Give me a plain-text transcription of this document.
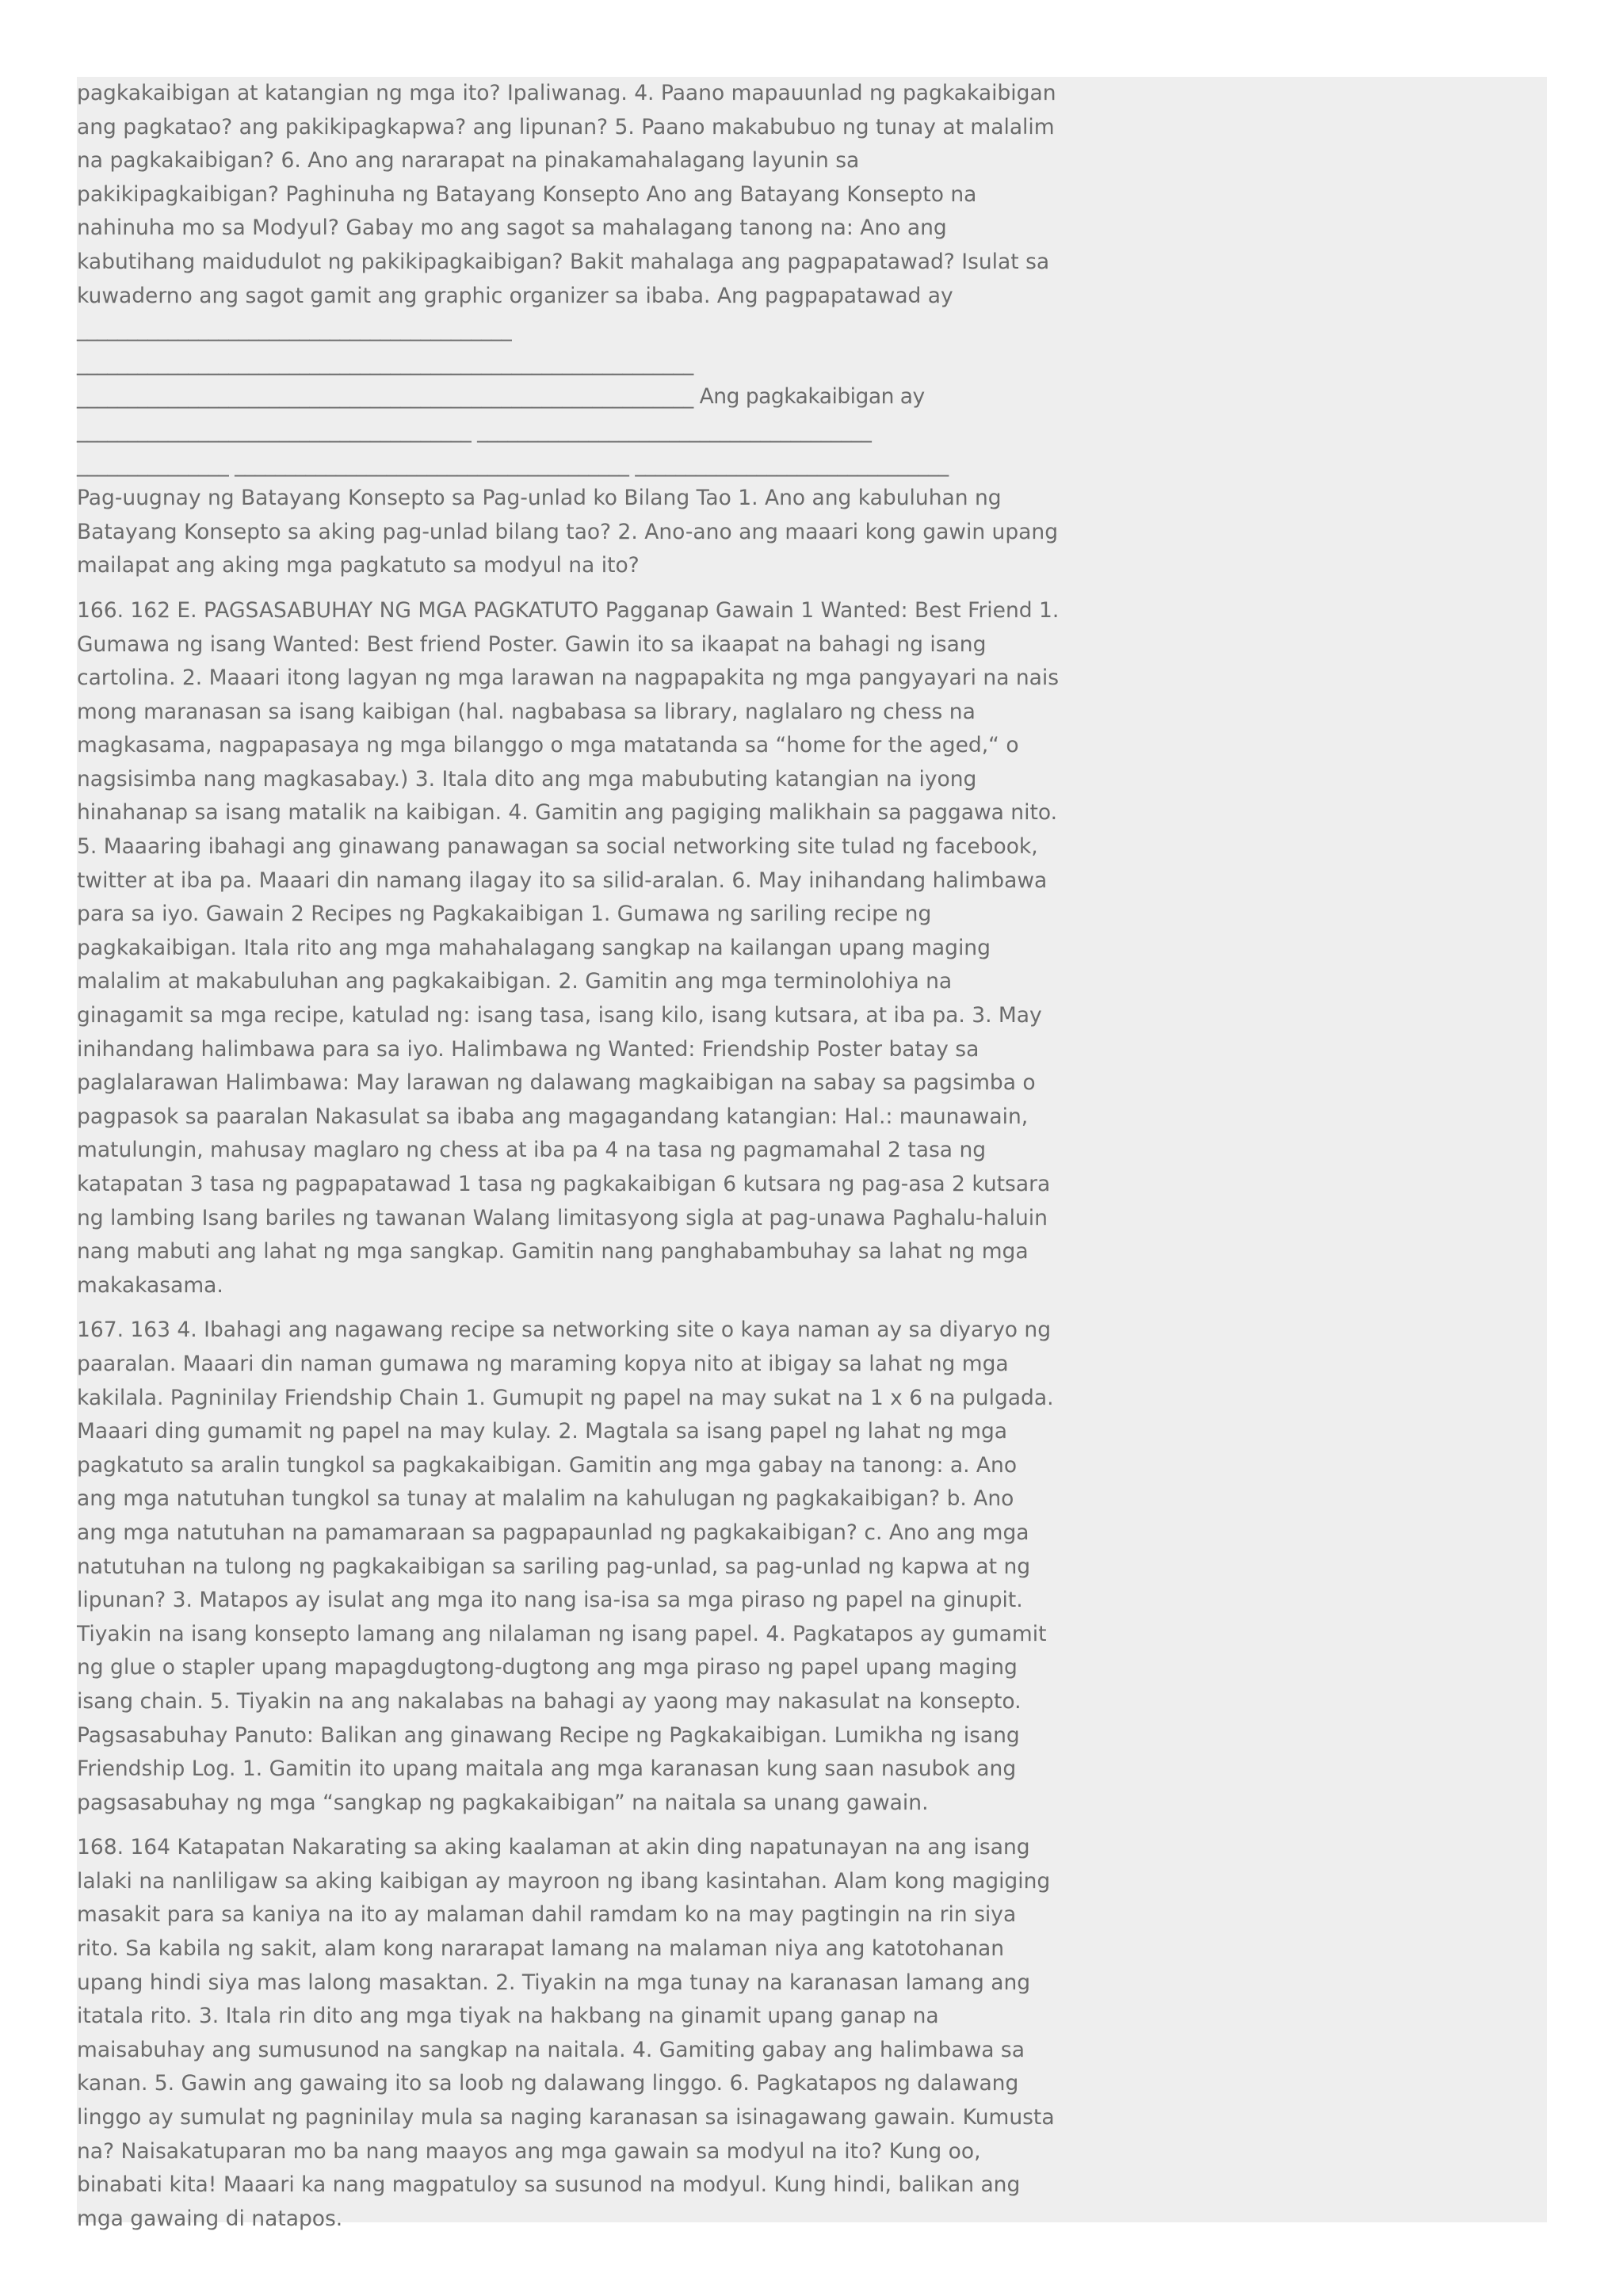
pagkakaibigan at katangian ng mga ito? Ipaliwanag. 4. Paano mapauunlad ng pagkakaibigan ang pagkatao? ang pakikipagkapwa? ang lipunan? 5. Paano makabubuo ng tunay at malalim na pagkakaibigan? 6. Ano ang nararapat na pinakamahalagang layunin sa pakikipagkaibigan? Paghinuha ng Batayang Konsepto Ano ang Batayang Konsepto na nahinuha mo sa Modyul? Gabay mo ang sagot sa mahalagang tanong na: Ano ang kabutihang maidudulot ng pakikipagkaibigan? Bakit mahalaga ang pagpapatawad? Isulat sa kuwaderno ang sagot gamit ang graphic organizer sa ibaba. Ang pagpapatawad ay
___________________________________________
_____________________________________________________________
_____________________________________________________________ Ang pagkakaibigan ay
_______________________________________ _______________________________________
_______________ _______________________________________ _______________________________
Pag-uugnay ng Batayang Konsepto sa Pag-unlad ko Bilang Tao 1. Ano ang kabuluhan ng Batayang Konsepto sa aking pag-unlad bilang tao? 2. Ano-ano ang maaari kong gawin upang mailapat ang aking mga pagkatuto sa modyul na ito?

166. 162 E. PAGSASABUHAY NG MGA PAGKATUTO Pagganap Gawain 1 Wanted: Best Friend 1. Gumawa ng isang Wanted: Best friend Poster. Gawin ito sa ikaapat na bahagi ng isang cartolina. 2. Maaari itong lagyan ng mga larawan na nagpapakita ng mga pangyayari na nais mong maranasan sa isang kaibigan (hal. nagbabasa sa library, naglalaro ng chess na magkasama, nagpapasaya ng mga bilanggo o mga matatanda sa “home for the aged,“ o nagsisimba nang magkasabay.) 3. Itala dito ang mga mabubuting katangian na iyong hinahanap sa isang matalik na kaibigan. 4. Gamitin ang pagiging malikhain sa paggawa nito. 5. Maaaring ibahagi ang ginawang panawagan sa social networking site tulad ng facebook, twitter at iba pa. Maaari din namang ilagay ito sa silid-aralan. 6. May inihandang halimbawa para sa iyo. Gawain 2 Recipes ng Pagkakaibigan 1. Gumawa ng sariling recipe ng pagkakaibigan. Itala rito ang mga mahahalagang sangkap na kailangan upang maging malalim at makabuluhan ang pagkakaibigan. 2. Gamitin ang mga terminolohiya na ginagamit sa mga recipe, katulad ng: isang tasa, isang kilo, isang kutsara, at iba pa. 3. May inihandang halimbawa para sa iyo. Halimbawa ng Wanted: Friendship Poster batay sa paglalarawan Halimbawa: May larawan ng dalawang magkaibigan na sabay sa pagsimba o pagpasok sa paaralan Nakasulat sa ibaba ang magagandang katangian: Hal.: maunawain, matulungin, mahusay maglaro ng chess at iba pa 4 na tasa ng pagmamahal 2 tasa ng katapatan 3 tasa ng pagpapatawad 1 tasa ng pagkakaibigan 6 kutsara ng pag-asa 2 kutsara ng lambing Isang bariles ng tawanan Walang limitasyong sigla at pag-unawa Paghalu-haluin nang mabuti ang lahat ng mga sangkap. Gamitin nang panghabambuhay sa lahat ng mga makakasama.

167. 163 4. Ibahagi ang nagawang recipe sa networking site o kaya naman ay sa diyaryo ng paaralan. Maaari din naman gumawa ng maraming kopya nito at ibigay sa lahat ng mga kakilala. Pagninilay Friendship Chain 1. Gumupit ng papel na may sukat na 1 x 6 na pulgada. Maaari ding gumamit ng papel na may kulay. 2. Magtala sa isang papel ng lahat ng mga pagkatuto sa aralin tungkol sa pagkakaibigan. Gamitin ang mga gabay na tanong: a. Ano ang mga natutuhan tungkol sa tunay at malalim na kahulugan ng pagkakaibigan? b. Ano ang mga natutuhan na pamamaraan sa pagpapaunlad ng pagkakaibigan? c. Ano ang mga natutuhan na tulong ng pagkakaibigan sa sariling pag-unlad, sa pag-unlad ng kapwa at ng lipunan? 3. Matapos ay isulat ang mga ito nang isa-isa sa mga piraso ng papel na ginupit. Tiyakin na isang konsepto lamang ang nilalaman ng isang papel. 4. Pagkatapos ay gumamit ng glue o stapler upang mapagdugtong-dugtong ang mga piraso ng papel upang maging isang chain. 5. Tiyakin na ang nakalabas na bahagi ay yaong may nakasulat na konsepto. Pagsasabuhay Panuto: Balikan ang ginawang Recipe ng Pagkakaibigan. Lumikha ng isang Friendship Log. 1. Gamitin ito upang maitala ang mga karanasan kung saan nasubok ang pagsasabuhay ng mga “sangkap ng pagkakaibigan” na naitala sa unang gawain.

168. 164 Katapatan Nakarating sa aking kaalaman at akin ding napatunayan na ang isang lalaki na nanliligaw sa aking kaibigan ay mayroon ng ibang kasintahan. Alam kong magiging masakit para sa kaniya na ito ay malaman dahil ramdam ko na may pagtingin na rin siya rito. Sa kabila ng sakit, alam kong nararapat lamang na malaman niya ang katotohanan upang hindi siya mas lalong masaktan. 2. Tiyakin na mga tunay na karanasan lamang ang itatala rito. 3. Itala rin dito ang mga tiyak na hakbang na ginamit upang ganap na maisabuhay ang sumusunod na sangkap na naitala. 4. Gamiting gabay ang halimbawa sa kanan. 5. Gawin ang gawaing ito sa loob ng dalawang linggo. 6. Pagkatapos ng dalawang linggo ay sumulat ng pagninilay mula sa naging karanasan sa isinagawang gawain. Kumusta na? Naisakatuparan mo ba nang maayos ang mga gawain sa modyul na ito? Kung oo, binabati kita! Maaari ka nang magpatuloy sa susunod na modyul. Kung hindi, balikan ang mga gawaing di natapos.
